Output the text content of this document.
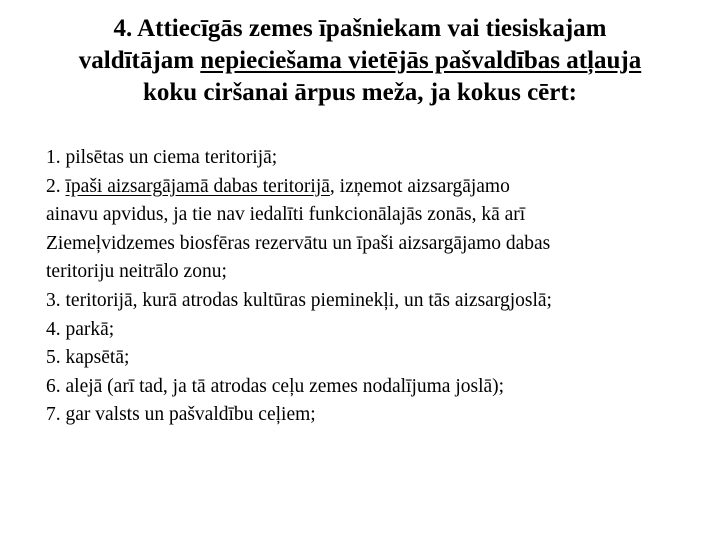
4. Attiecīgās zemes īpašniekam vai tiesiskajam
valdītājam nepieciešama vietējās pašvaldības atļauja
koku ciršanai ārpus meža, ja kokus cērt:
1. pilsētas un ciema teritorijā;
2. īpaši aizsargājamā dabas teritorijā, izņemot aizsargājamo
ainavu apvidus, ja tie nav iedalīti funkcionālajās zonās, kā arī
Ziemeļvidzemes biosfēras rezervātu un īpaši aizsargājamo dabas
teritoriju neitrālo zonu;
3. teritorijā, kurā atrodas kultūras pieminekļi, un tās aizsargjoslā;
4. parkā;
5. kapsētā;
6. alejā (arī tad, ja tā atrodas ceļu zemes nodalījuma joslā);
7. gar valsts un pašvaldību ceļiem;
